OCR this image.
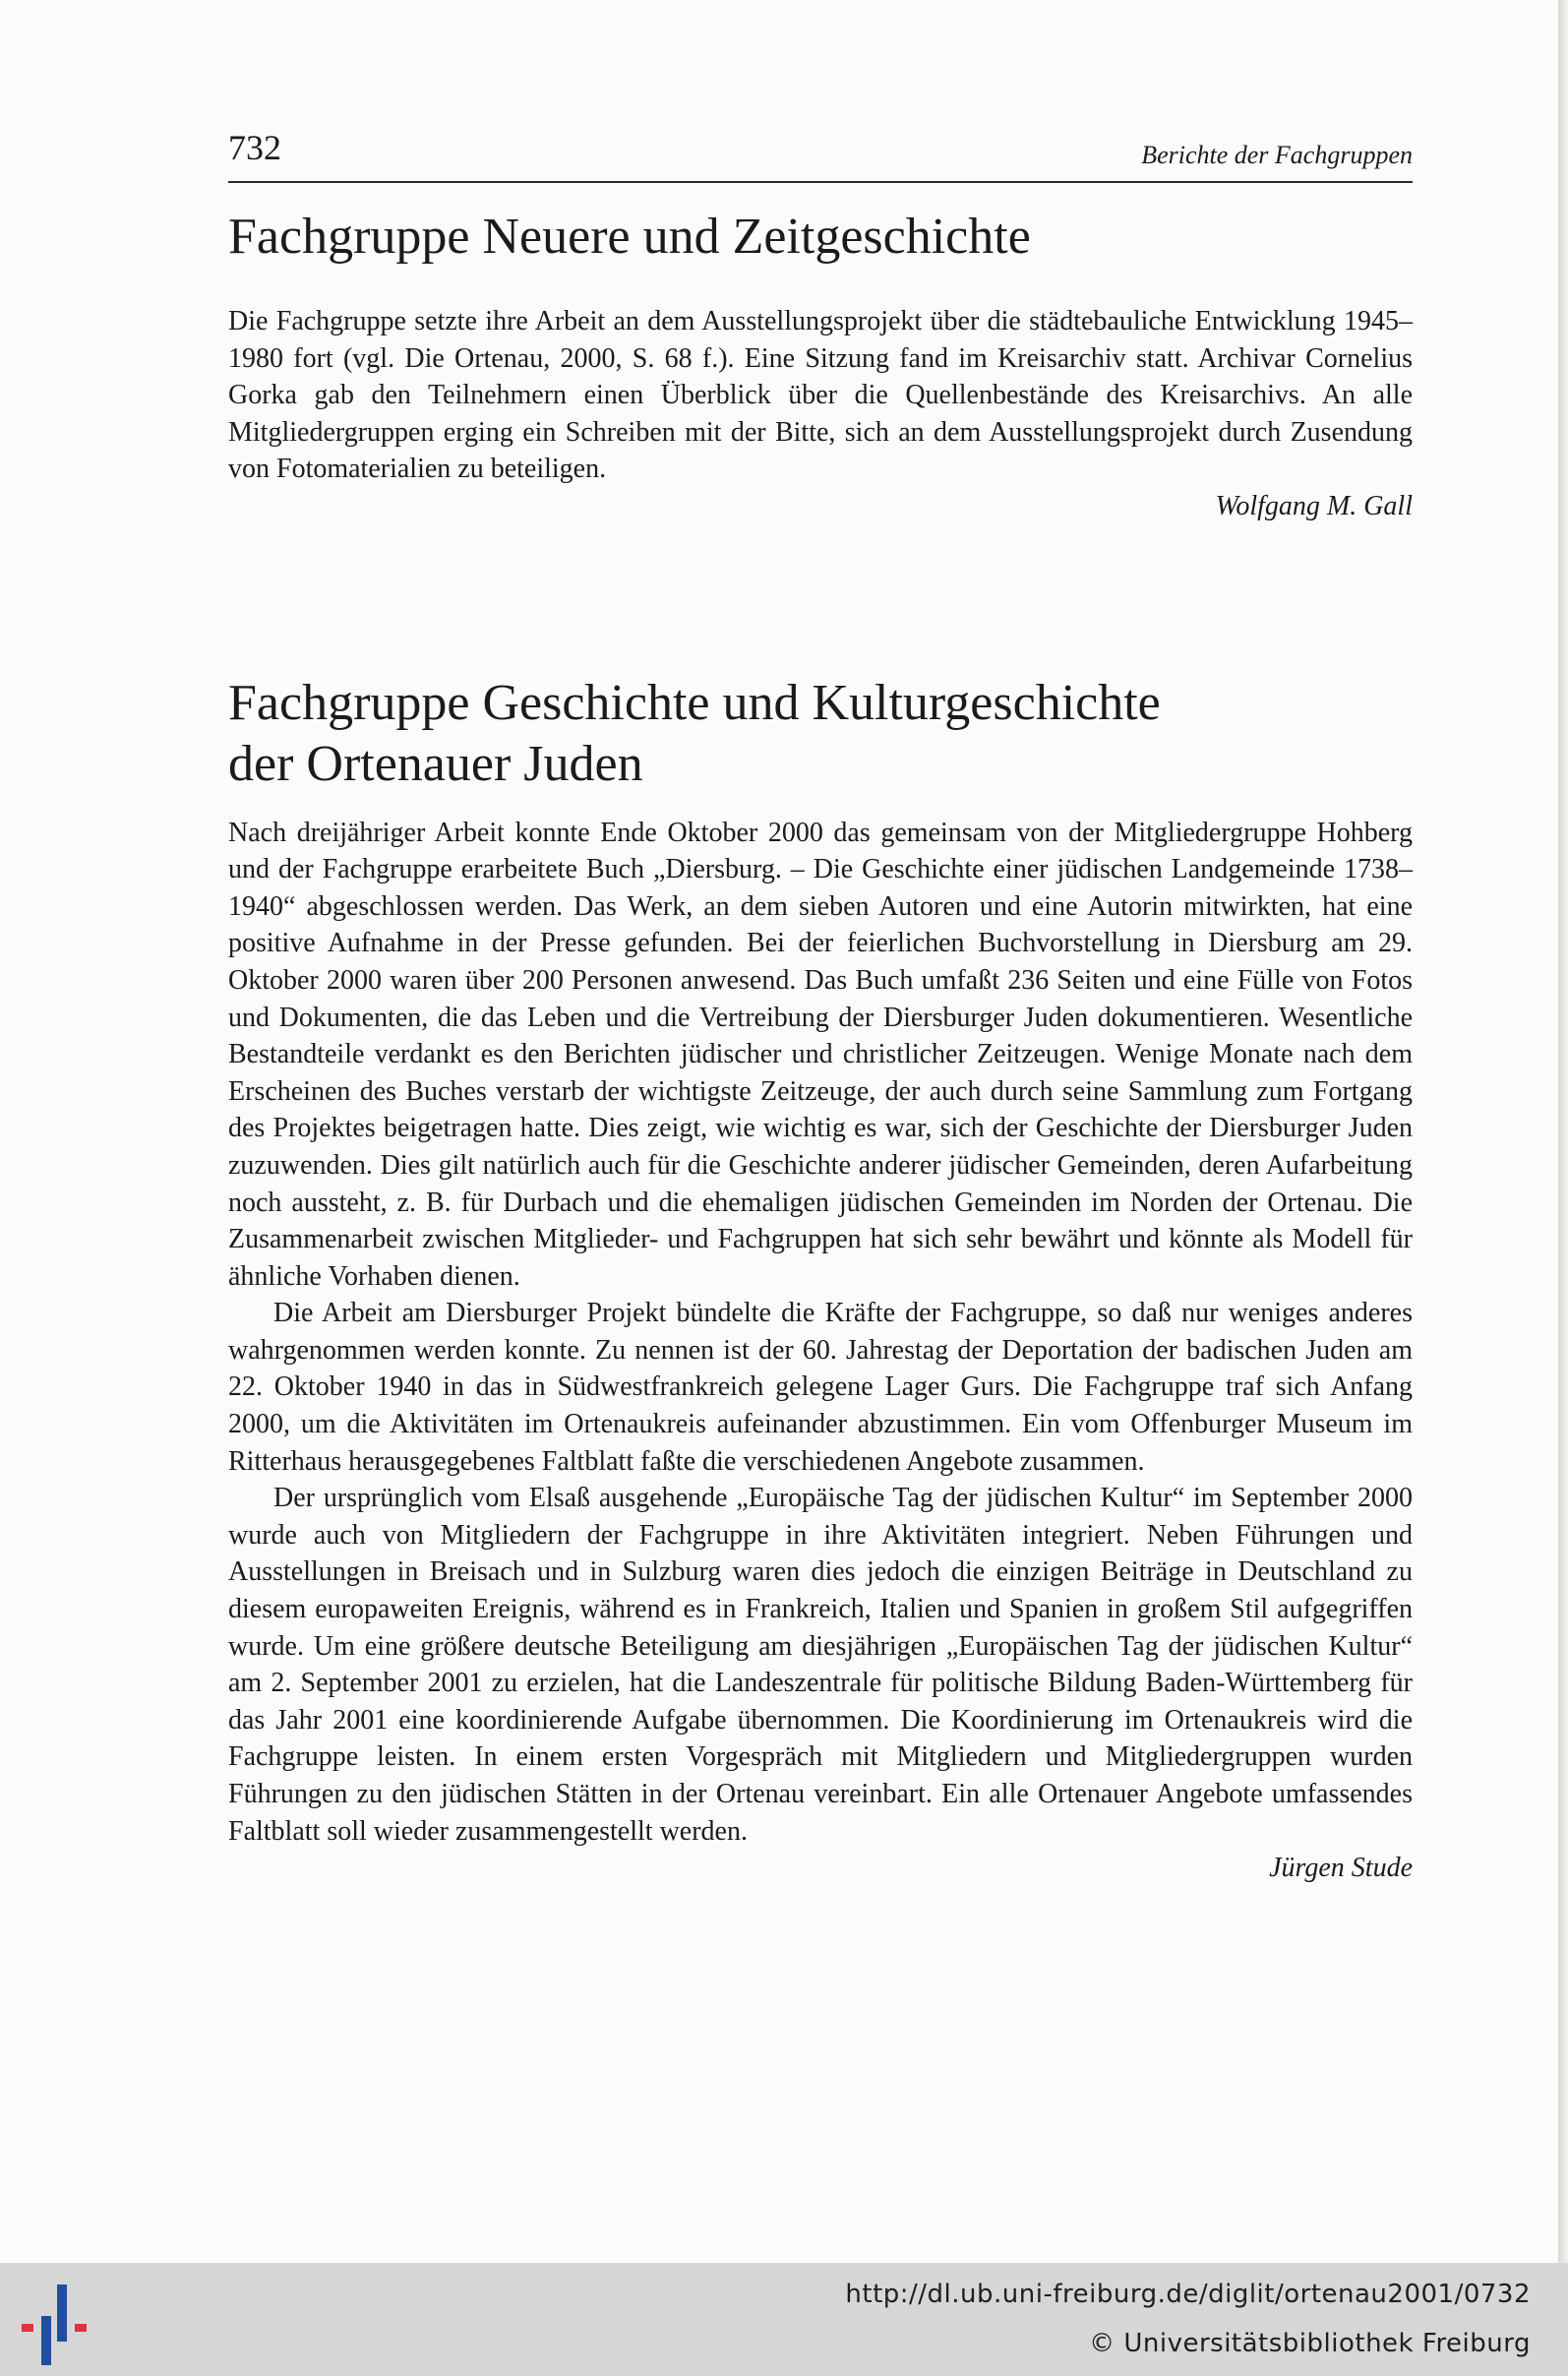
732	Berichte der Fachgruppen
Fachgruppe Neuere und Zeitgeschichte

Die Fachgruppe setzte ihre Arbeit an dem Ausstellungsprojekt über die städtebauliche Entwicklung 1945–1980 fort (vgl. Die Ortenau, 2000, S. 68 f.). Eine Sitzung fand im Kreisarchiv statt. Archivar Cornelius Gorka gab den Teilnehmern einen Überblick über die Quellenbestände des Kreisarchivs. An alle Mitgliedergruppen erging ein Schreiben mit der Bitte, sich an dem Ausstellungsprojekt durch Zusendung von Fotomaterialien zu beteiligen.

Wolfgang M. Gall
Fachgruppe Geschichte und Kulturgeschichte
der Ortenauer Juden

Nach dreijähriger Arbeit konnte Ende Oktober 2000 das gemeinsam von der Mitgliedergruppe Hohberg und der Fachgruppe erarbeitete Buch „Diersburg. – Die Geschichte einer jüdischen Landgemeinde 1738–1940“ abgeschlossen werden. Das Werk, an dem sieben Autoren und eine Autorin mitwirkten, hat eine positive Aufnahme in der Presse gefunden. Bei der feierlichen Buchvorstellung in Diersburg am 29. Oktober 2000 waren über 200 Personen anwesend. Das Buch umfaßt 236 Seiten und eine Fülle von Fotos und Dokumenten, die das Leben und die Vertreibung der Diersburger Juden dokumentieren. Wesentliche Bestandteile verdankt es den Berichten jüdischer und christlicher Zeitzeugen. Wenige Monate nach dem Erscheinen des Buches verstarb der wichtigste Zeitzeuge, der auch durch seine Sammlung zum Fortgang des Projektes beigetragen hatte. Dies zeigt, wie wichtig es war, sich der Geschichte der Diersburger Juden zuzuwenden. Dies gilt natürlich auch für die Geschichte anderer jüdischer Gemeinden, deren Aufarbeitung noch aussteht, z. B. für Durbach und die ehemaligen jüdischen Gemeinden im Norden der Ortenau. Die Zusammenarbeit zwischen Mitglieder- und Fachgruppen hat sich sehr bewährt und könnte als Modell für ähnliche Vorhaben dienen.

Die Arbeit am Diersburger Projekt bündelte die Kräfte der Fachgruppe, so daß nur weniges anderes wahrgenommen werden konnte. Zu nennen ist der 60. Jahrestag der Deportation der badischen Juden am 22. Oktober 1940 in das in Südwestfrankreich gelegene Lager Gurs. Die Fachgruppe traf sich Anfang 2000, um die Aktivitäten im Ortenaukreis aufeinander abzustimmen. Ein vom Offenburger Museum im Ritterhaus herausgegebenes Faltblatt faßte die verschiedenen Angebote zusammen.

Der ursprünglich vom Elsaß ausgehende „Europäische Tag der jüdischen Kultur“ im September 2000 wurde auch von Mitgliedern der Fachgruppe in ihre Aktivitäten integriert. Neben Führungen und Ausstellungen in Breisach und in Sulzburg waren dies jedoch die einzigen Beiträge in Deutschland zu diesem europaweiten Ereignis, während es in Frankreich, Italien und Spanien in großem Stil aufgegriffen wurde. Um eine größere deutsche Beteiligung am diesjährigen „Europäischen Tag der jüdischen Kultur“ am 2. September 2001 zu erzielen, hat die Landeszentrale für politische Bildung Baden-Württemberg für das Jahr 2001 eine koordinierende Aufgabe übernommen. Die Koordinierung im Ortenaukreis wird die Fachgruppe leisten. In einem ersten Vorgespräch mit Mitgliedern und Mitgliedergruppen wurden Führungen zu den jüdischen Stätten in der Ortenau vereinbart. Ein alle Ortenauer Angebote umfassendes Faltblatt soll wieder zusammengestellt werden.

Jürgen Stude
http://dl.ub.uni-freiburg.de/diglit/ortenau2001/0732
© Universitätsbibliothek Freiburg
